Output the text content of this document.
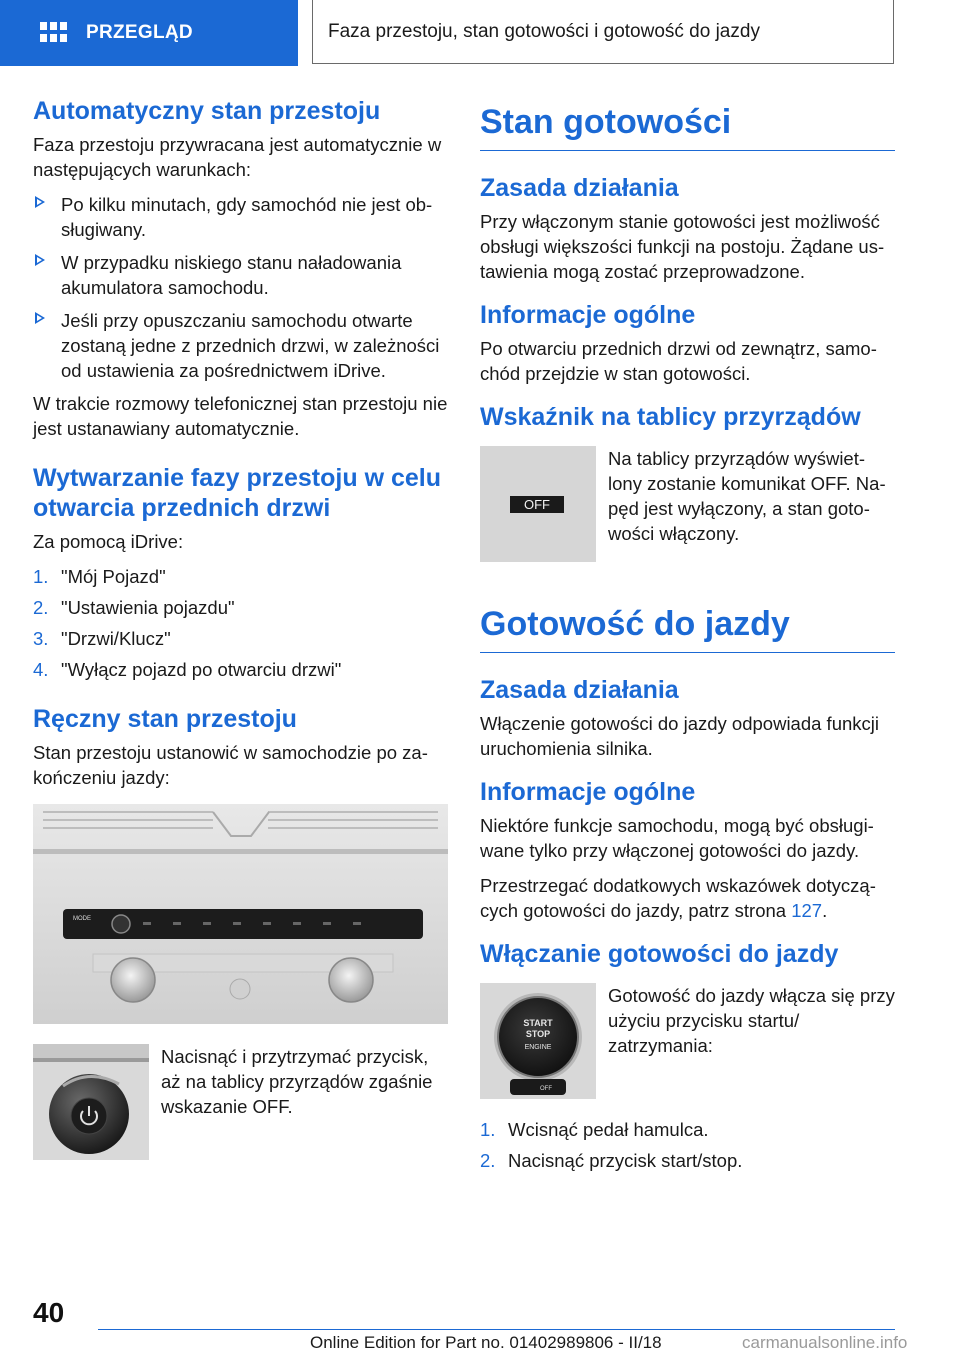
PRZEGLĄD	Faza przestoju, stan gotowości i gotowość do jazdy
Automatyczny stan przestoju

Faza przestoju przywracana jest automatycznie w następujących warunkach:

Po kilku minutach, gdy samochód nie jest ob-sługiwany.
W przypadku niskiego stanu naładowania akumulatora samochodu.
Jeśli przy opuszczaniu samochodu otwarte zostaną jedne z przednich drzwi, w zależności od ustawienia za pośrednictwem iDrive.

W trakcie rozmowy telefonicznej stan przestoju nie jest ustanawiany automatycznie.

Wytwarzanie fazy przestoju w celu otwarcia przednich drzwi

Za pomocą iDrive:

1. "Mój Pojazd"
2. "Ustawienia pojazdu"
3. "Drzwi/Klucz"
4. "Wyłącz pojazd po otwarciu drzwi"
Ręczny stan przestoju

Stan przestoju ustanowić w samochodzie po za-kończeniu jazdy:

MODE
Nacisnąć i przytrzymać przycisk, aż na tablicy przyrządów zgaśnie wskazanie OFF.
Stan gotowości
Zasada działania

Przy włączonym stanie gotowości jest możliwość obsługi większości funkcji na postoju. Żądane us-tawienia mogą zostać przeprowadzone.

Informacje ogólne

Po otwarciu przednich drzwi od zewnątrz, samo-chód przejdzie w stan gotowości.

Wskaźnik na tablicy przyrządów
OFF
Na tablicy przyrządów wyświet-lony zostanie komunikat OFF. Na-pęd jest wyłączony, a stan goto-wości włączony.
Gotowość do jazdy
Zasada działania

Włączenie gotowości do jazdy odpowiada funkcji uruchomienia silnika.

Informacje ogólne

Niektóre funkcje samochodu, mogą być obsługi-wane tylko przy włączonej gotowości do jazdy.

Przestrzegać dodatkowych wskazówek dotyczą-cych gotowości do jazdy, patrz strona 127.

Włączanie gotowości do jazdy
START
STOP
ENGINE
OFF
Gotowość do jazdy włącza się przy użyciu przycisku startu/ zatrzymania:
1. Wcisnąć pedał hamulca.
2. Nacisnąć przycisk start/stop.
40
Online Edition for Part no. 01402989806 - II/18	carmanualsonline.info
